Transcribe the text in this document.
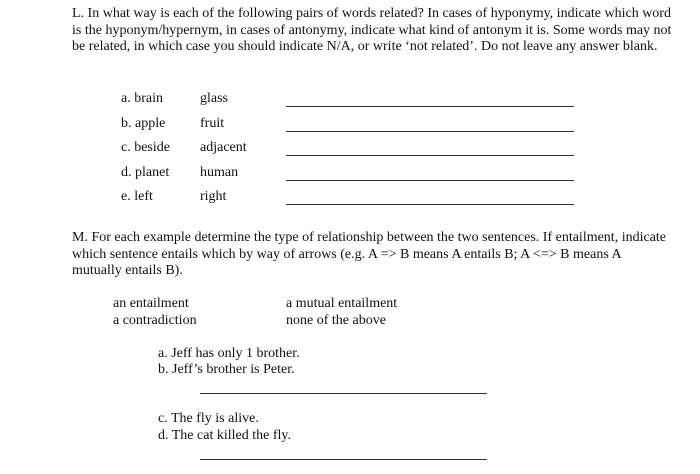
L. In what way is each of the following pairs of words related? In cases of hyponymy, indicate which word is the hyponym/hypernym, in cases of antonymy, indicate what kind of antonym it is. Some words may not be related, in which case you should indicate N/A, or write ‘not related’. Do not leave any answer blank.
a. brain	glass
b. apple fruit
c. beside adjacent
d. planet human
e. left	right
M. For each example determine the type of relationship between the two sentences. If entailment, indicate which sentence entails which by way of arrows (e.g. A => B means A entails B; A <=> B means A mutually entails B).
an entailment	a mutual entailment
a contradiction	none of the above
a. Jeff has only 1 brother.
b. Jeff’s brother is Peter.
c. The fly is alive.
d. The cat killed the fly.
